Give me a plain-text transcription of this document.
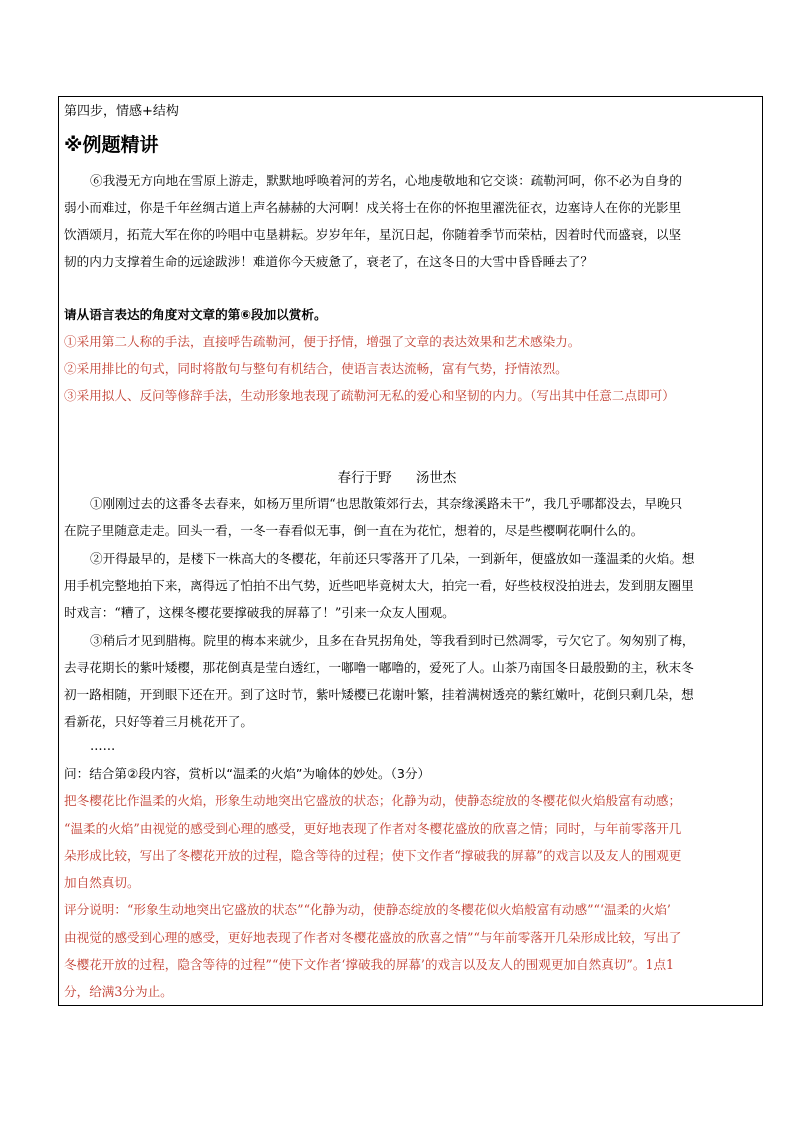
第四步，情感+结构
※例题精讲
⑥我漫无方向地在雪原上游走，默默地呼唤着河的芳名，心地虔敬地和它交谈：疏勒河呵，你不必为自身的
弱小而难过，你是千年丝绸古道上声名赫赫的大河啊！戍关将士在你的怀抱里濯洗征衣，边塞诗人在你的光影里
饮酒颂月，拓荒大军在你的吟唱中屯垦耕耘。岁岁年年，星沉日起，你随着季节而荣枯，因着时代而盛衰，以坚
韧的内力支撑着生命的远途跋涉！难道你今天疲惫了，衰老了，在这冬日的大雪中昏昏睡去了？
请从语言表达的角度对文章的第⑥段加以赏析。
①采用第二人称的手法，直接呼告疏勒河，便于抒情，增强了文章的表达效果和艺术感染力。
②采用排比的句式，同时将散句与整句有机结合，使语言表达流畅，富有气势，抒情浓烈。
③采用拟人、反问等修辞手法，生动形象地表现了疏勒河无私的爱心和坚韧的内力。（写出其中任意二点即可）
春行于野 汤世杰
①刚刚过去的这番冬去春来，如杨万里所谓“也思散策郊行去，其奈缘溪路未干”，我几乎哪都没去，早晚只
在院子里随意走走。回头一看，一冬一春看似无事，倒一直在为花忙，想着的，尽是些樱啊花啊什么的。
②开得最早的，是楼下一株高大的冬樱花，年前还只零落开了几朵，一到新年，便盛放如一蓬温柔的火焰。想
用手机完整地拍下来，离得远了怕拍不出气势，近些吧毕竟树太大，拍完一看，好些枝杈没拍进去，发到朋友圈里
时戏言：“糟了，这棵冬樱花要撑破我的屏幕了！”引来一众友人围观。
③稍后才见到腊梅。院里的梅本来就少，且多在旮旯拐角处，等我看到时已然凋零，亏欠它了。匆匆别了梅，
去寻花期长的紫叶矮樱，那花倒真是莹白透红，一嘟噜一嘟噜的，爱死了人。山茶乃南国冬日最殷勤的主，秋末冬
初一路相随，开到眼下还在开。到了这时节，紫叶矮樱已花谢叶繁，挂着满树透亮的紫红嫩叶，花倒只剩几朵，想
看新花，只好等着三月桃花开了。
……
问：结合第②段内容，赏析以“温柔的火焰”为喻体的妙处。（3分）
把冬樱花比作温柔的火焰，形象生动地突出它盛放的状态；化静为动，使静态绽放的冬樱花似火焰般富有动感；
“温柔的火焰”由视觉的感受到心理的感受，更好地表现了作者对冬樱花盛放的欣喜之情；同时，与年前零落开几
朵形成比较，写出了冬樱花开放的过程，隐含等待的过程；使下文作者“撑破我的屏幕”的戏言以及友人的围观更
加自然真切。
评分说明：“形象生动地突出它盛放的状态”“化静为动，使静态绽放的冬樱花似火焰般富有动感”“‘温柔的火焰’
由视觉的感受到心理的感受，更好地表现了作者对冬樱花盛放的欣喜之情”“与年前零落开几朵形成比较，写出了
冬樱花开放的过程，隐含等待的过程”“使下文作者‘撑破我的屏幕’的戏言以及友人的围观更加自然真切”。1点1
分，给满3分为止。
